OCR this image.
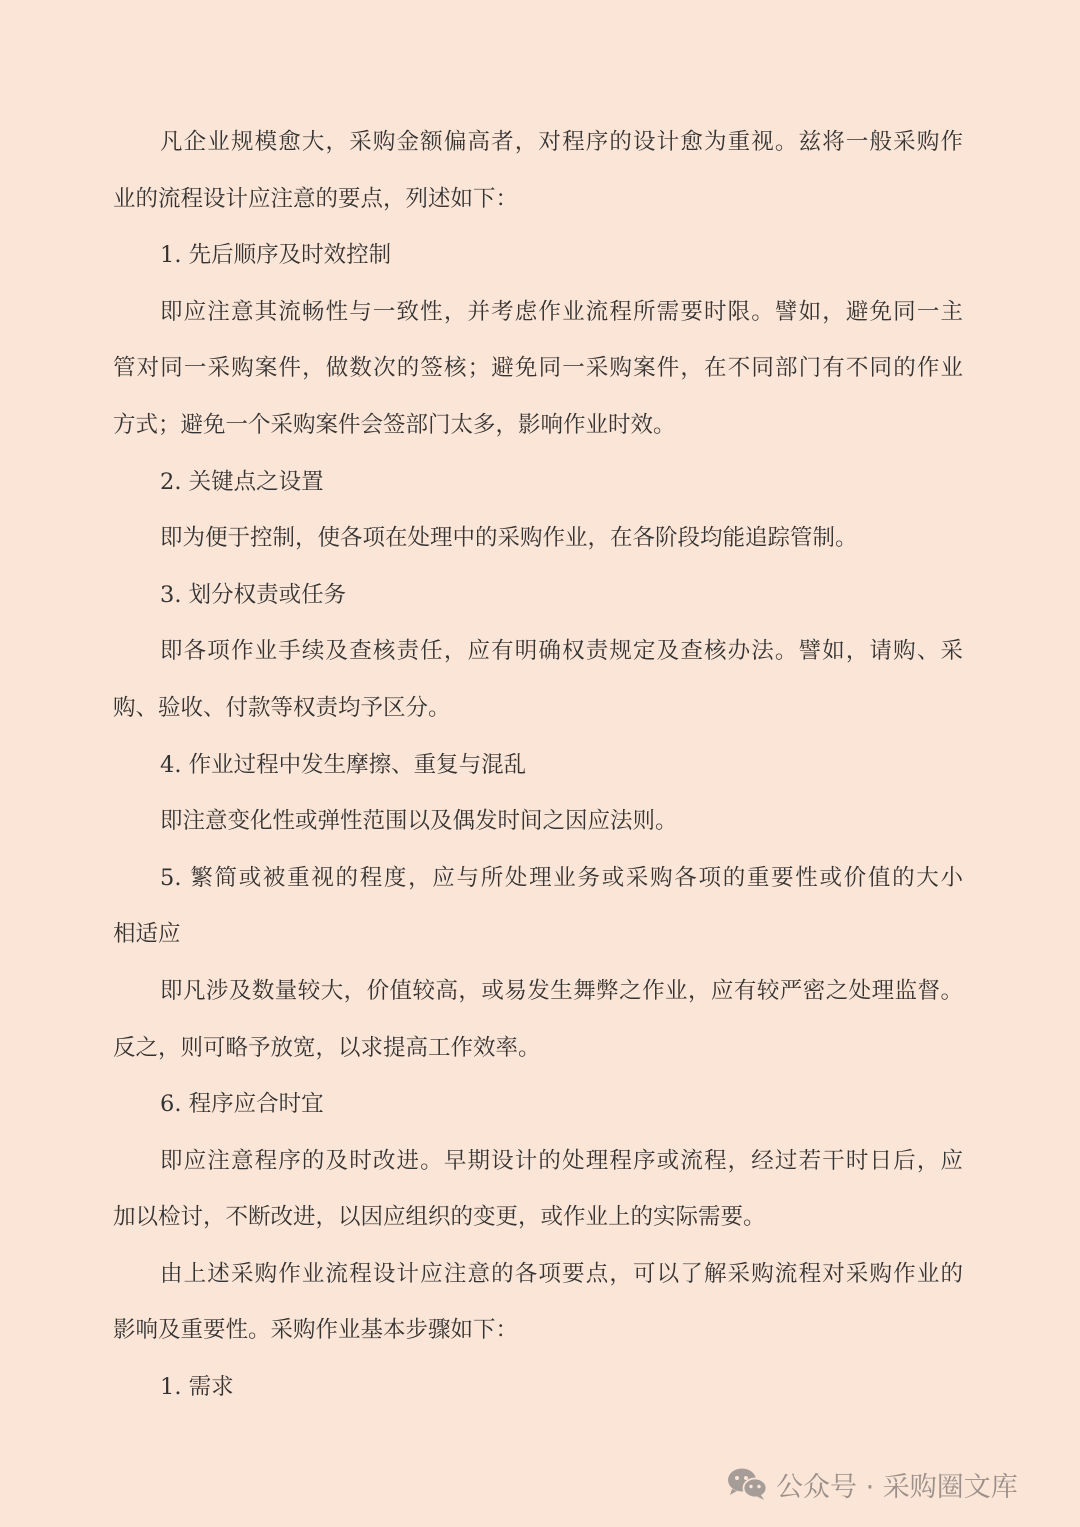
凡企业规模愈大，采购金额偏高者，对程序的设计愈为重视。兹将一般采购作
业的流程设计应注意的要点，列述如下：
1. 先后顺序及时效控制
即应注意其流畅性与一致性，并考虑作业流程所需要时限。譬如，避免同一主
管对同一采购案件，做数次的签核；避免同一采购案件，在不同部门有不同的作业
方式；避免一个采购案件会签部门太多，影响作业时效。
2. 关键点之设置
即为便于控制，使各项在处理中的采购作业，在各阶段均能追踪管制。
3. 划分权责或任务
即各项作业手续及查核责任，应有明确权责规定及查核办法。譬如，请购、采
购、验收、付款等权责均予区分。
4. 作业过程中发生摩擦、重复与混乱
即注意变化性或弹性范围以及偶发时间之因应法则。
5. 繁简或被重视的程度，应与所处理业务或采购各项的重要性或价值的大小
相适应
即凡涉及数量较大，价值较高，或易发生舞弊之作业，应有较严密之处理监督。
反之，则可略予放宽，以求提高工作效率。
6. 程序应合时宜
即应注意程序的及时改进。早期设计的处理程序或流程，经过若干时日后，应
加以检讨，不断改进，以因应组织的变更，或作业上的实际需要。
由上述采购作业流程设计应注意的各项要点，可以了解采购流程对采购作业的
影响及重要性。采购作业基本步骤如下：
1. 需求
公众号 · 采购圈文库
